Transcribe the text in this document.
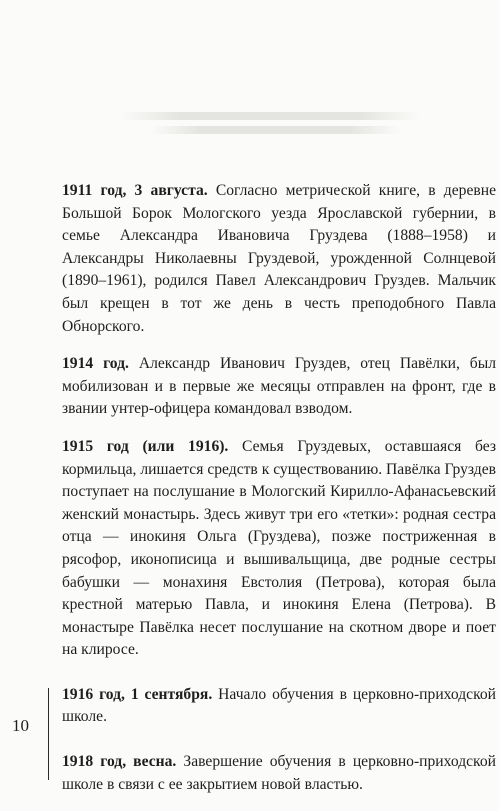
1911 год, 3 августа. Согласно метрической книге, в деревне Большой Борок Мологского уезда Ярославской губернии, в семье Александра Ивановича Груздева (1888–1958) и Александры Николаевны Груздевой, урожденной Солнцевой (1890–1961), родился Павел Александрович Груздев. Мальчик был крещен в тот же день в честь преподобного Павла Обнорского.

1914 год. Александр Иванович Груздев, отец Павёлки, был мобилизован и в первые же месяцы отправлен на фронт, где в звании унтер-офицера командовал взводом.

1915 год (или 1916). Семья Груздевых, оставшаяся без кормильца, лишается средств к существованию. Павёлка Груздев поступает на послушание в Мологский Кирилло-Афанасьевский женский монастырь. Здесь живут три его «тетки»: родная сестра отца — инокиня Ольга (Груздева), позже постриженная в рясофор, иконописица и вышивальщица, две родные сестры бабушки — монахиня Евстолия (Петрова), которая была крестной матерью Павла, и инокиня Елена (Петрова). В монастыре Павёлка несет послушание на скотном дворе и поет на клиросе.

1916 год, 1 сентября. Начало обучения в церковно-приходской школе.

1918 год, весна. Завершение обучения в церковно-приходской школе в связи с ее закрытием новой властью.

10
